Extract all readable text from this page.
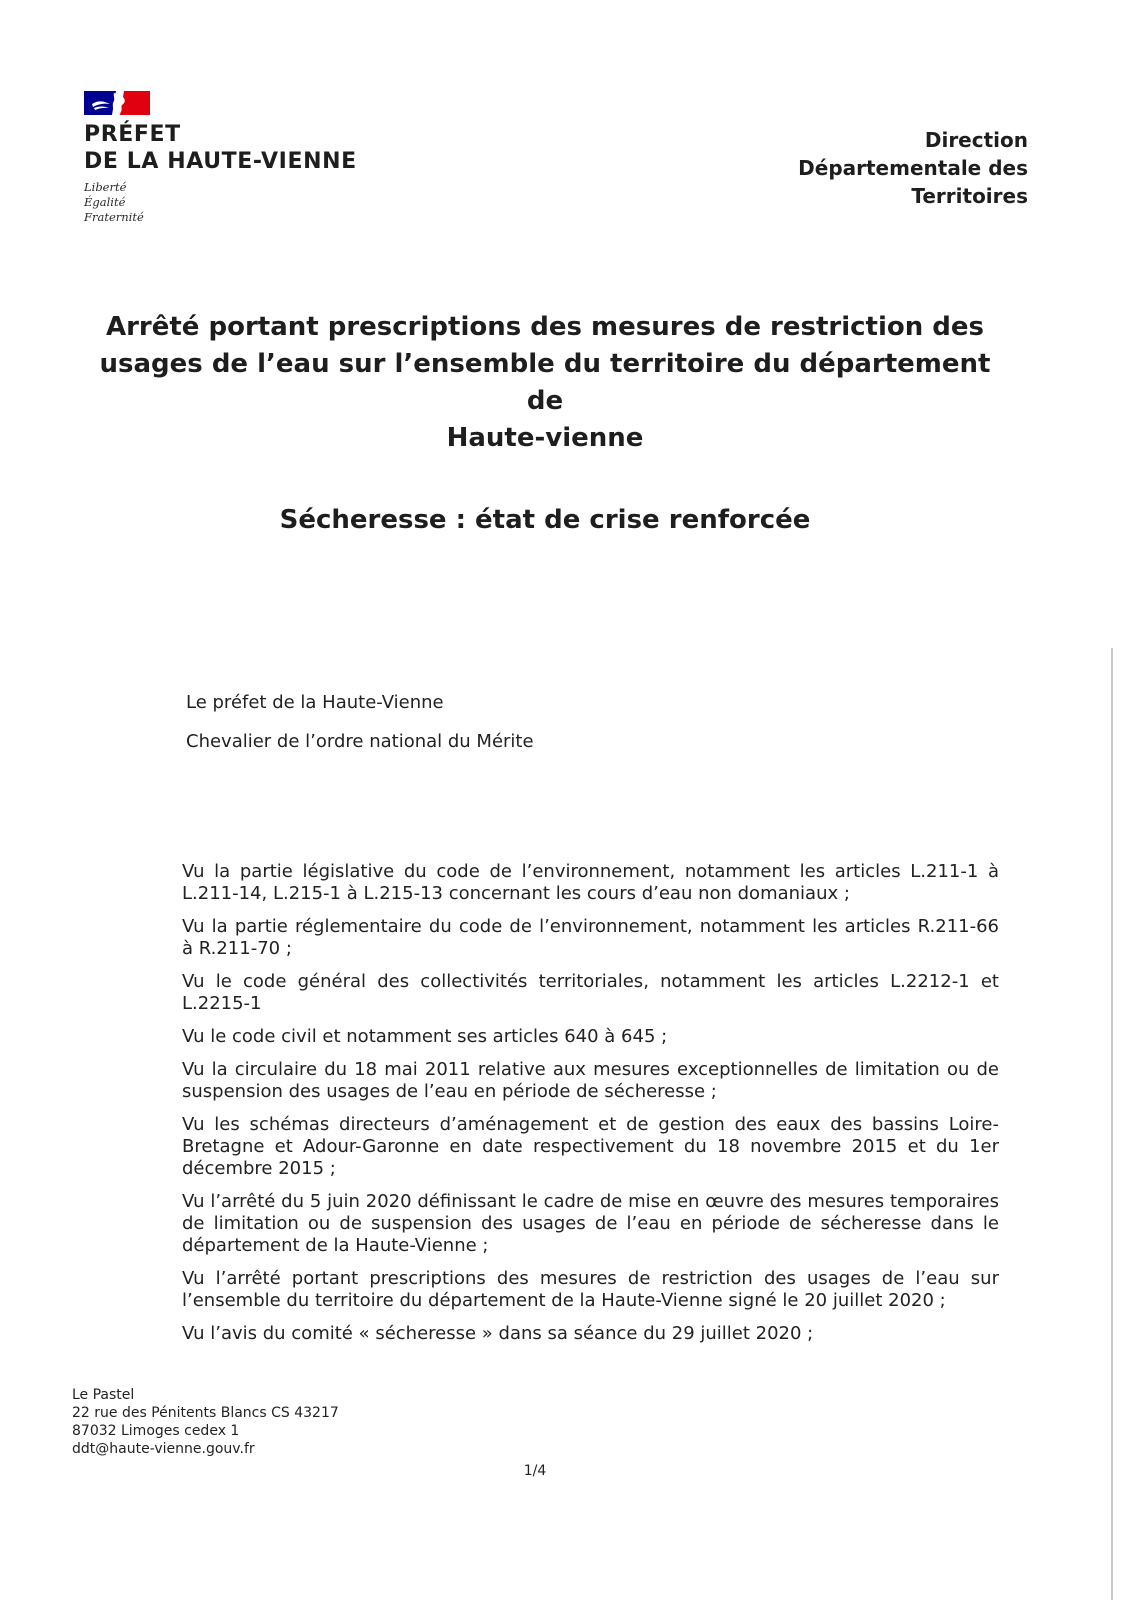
PRÉFET
DE LA HAUTE-VIENNE
Liberté
Égalité
Fraternité
Direction
Départementale des
Territoires
Arrêté portant prescriptions des mesures de restriction des
usages de l’eau sur l’ensemble du territoire du département de
Haute-vienne
Sécheresse : état de crise renforcée
Le préfet de la Haute-Vienne
Chevalier de l’ordre national du Mérite
Vu la partie législative du code de l’environnement, notamment les articles L.211-1 à L.211-14, L.215-1 à L.215-13 concernant les cours d’eau non domaniaux ;
Vu la partie réglementaire du code de l’environnement, notamment les articles R.211-66 à R.211-70 ;
Vu le code général des collectivités territoriales, notamment les articles L.2212-1 et L.2215-1
Vu le code civil et notamment ses articles 640 à 645 ;
Vu la circulaire du 18 mai 2011 relative aux mesures exceptionnelles de limitation ou de suspension des usages de l’eau en période de sécheresse ;
Vu les schémas directeurs d’aménagement et de gestion des eaux des bassins Loire-Bretagne et Adour-Garonne en date respectivement du 18 novembre 2015 et du 1er décembre 2015 ;
Vu l’arrêté du 5 juin 2020 définissant le cadre de mise en œuvre des mesures temporaires de limitation ou de suspension des usages de l’eau en période de sécheresse dans le département de la Haute-Vienne ;
Vu l’arrêté portant prescriptions des mesures de restriction des usages de l’eau sur l’ensemble du territoire du département de la Haute-Vienne signé le 20 juillet 2020 ;
Vu l’avis du comité « sécheresse » dans sa séance du 29 juillet 2020 ;
Le Pastel
22 rue des Pénitents Blancs CS 43217
87032 Limoges cedex 1
ddt@haute-vienne.gouv.fr
1/4
